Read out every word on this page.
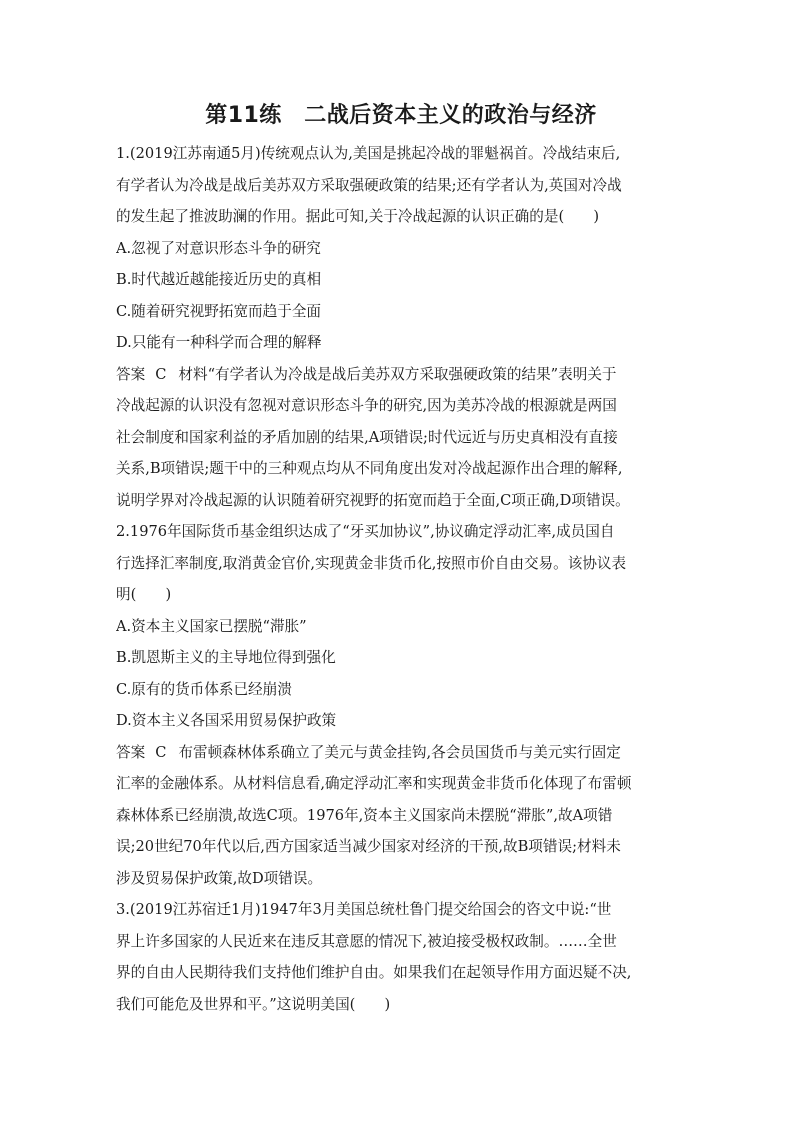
第11练　二战后资本主义的政治与经济
1.(2019江苏南通5月)传统观点认为,美国是挑起冷战的罪魁祸首。冷战结束后,
有学者认为冷战是战后美苏双方采取强硬政策的结果;还有学者认为,英国对冷战
的发生起了推波助澜的作用。据此可知,关于冷战起源的认识正确的是(　　)
A.忽视了对意识形态斗争的研究
B.时代越近越能接近历史的真相
C.随着研究视野拓宽而趋于全面
D.只能有一种科学而合理的解释
答案 C 材料“有学者认为冷战是战后美苏双方采取强硬政策的结果”表明关于
冷战起源的认识没有忽视对意识形态斗争的研究,因为美苏冷战的根源就是两国
社会制度和国家利益的矛盾加剧的结果,A项错误;时代远近与历史真相没有直接
关系,B项错误;题干中的三种观点均从不同角度出发对冷战起源作出合理的解释,
说明学界对冷战起源的认识随着研究视野的拓宽而趋于全面,C项正确,D项错误。
2.1976年国际货币基金组织达成了“牙买加协议”,协议确定浮动汇率,成员国自
行选择汇率制度,取消黄金官价,实现黄金非货币化,按照市价自由交易。该协议表
明(　　)
A.资本主义国家已摆脱“滞胀”
B.凯恩斯主义的主导地位得到强化
C.原有的货币体系已经崩溃
D.资本主义各国采用贸易保护政策
答案 C 布雷顿森林体系确立了美元与黄金挂钩,各会员国货币与美元实行固定
汇率的金融体系。从材料信息看,确定浮动汇率和实现黄金非货币化体现了布雷顿
森林体系已经崩溃,故选C项。1976年,资本主义国家尚未摆脱“滞胀”,故A项错
误;20世纪70年代以后,西方国家适当减少国家对经济的干预,故B项错误;材料未
涉及贸易保护政策,故D项错误。
3.(2019江苏宿迁1月)1947年3月美国总统杜鲁门提交给国会的咨文中说:“世
界上许多国家的人民近来在违反其意愿的情况下,被迫接受极权政制。……全世
界的自由人民期待我们支持他们维护自由。如果我们在起领导作用方面迟疑不决,
我们可能危及世界和平。”这说明美国(　　)
